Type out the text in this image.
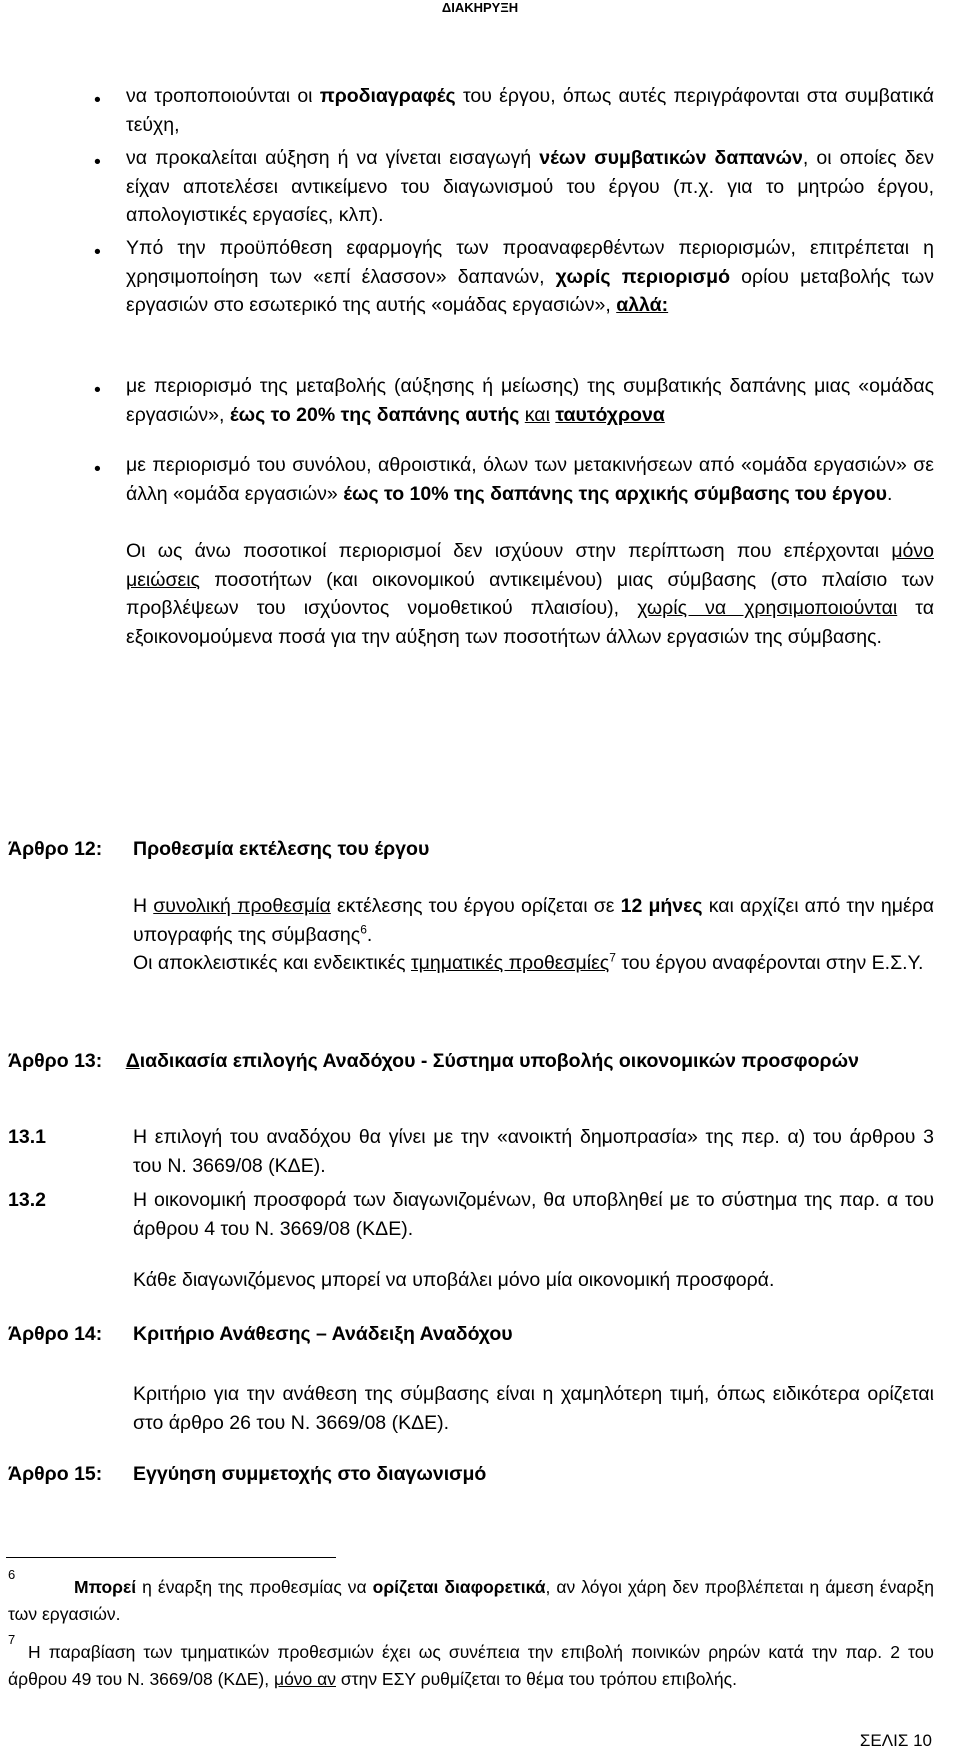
ΔΙΑΚΗΡΥΞΗ
• να τροποποιούνται οι προδιαγραφές του έργου, όπως αυτές περιγράφονται στα συμβατικά τεύχη,

• να προκαλείται αύξηση ή να γίνεται εισαγωγή νέων συμβατικών δαπανών, οι οποίες δεν είχαν αποτελέσει αντικείμενο του διαγωνισμού του έργου (π.χ. για το μητρώο έργου, απολογιστικές εργασίες, κλπ).

• Υπό την προϋπόθεση εφαρμογής των προαναφερθέντων περιορισμών, επιτρέπεται η χρησιμοποίηση των «επί έλασσον» δαπανών, χωρίς περιορισμό ορίου μεταβολής των εργασιών στο εσωτερικό της αυτής «ομάδας εργασιών», αλλά:

• με περιορισμό της μεταβολής (αύξησης ή μείωσης) της συμβατικής δαπάνης μιας «ομάδας εργασιών», έως το 20% της δαπάνης αυτής και ταυτόχρονα

• με περιορισμό του συνόλου, αθροιστικά, όλων των μετακινήσεων από «ομάδα εργασιών» σε άλλη «ομάδα εργασιών» έως το 10% της δαπάνης της αρχικής σύμβασης του έργου.

Οι ως άνω ποσοτικοί περιορισμοί δεν ισχύουν στην περίπτωση που επέρχονται μόνο μειώσεις ποσοτήτων (και οικονομικού αντικειμένου) μιας σύμβασης (στο πλαίσιο των προβλέψεων του ισχύοντος νομοθετικού πλαισίου), χωρίς να χρησιμοποιούνται τα εξοικονομούμενα ποσά για την αύξηση των ποσοτήτων άλλων εργασιών της σύμβασης.

Άρθρο 12: Προθεσμία εκτέλεσης του έργου

Η συνολική προθεσμία εκτέλεσης του έργου ορίζεται σε 12 μήνες και αρχίζει από την ημέρα υπογραφής της σύμβασης$^6$.

Οι αποκλειστικές και ενδεικτικές τμηματικές προθεσμίες$^7$ του έργου αναφέρονται στην Ε.Σ.Υ.

Άρθρο 13: Διαδικασία επιλογής Αναδόχου - Σύστημα υποβολής οικονομικών προσφορών
13.1	Η επιλογή του αναδόχου θα γίνει με την «ανοικτή δημοπρασία» της περ. α) του άρθρου 3 του Ν. 3669/08 (ΚΔΕ).

13.2	Η οικονομική προσφορά των διαγωνιζομένων, θα υποβληθεί με το σύστημα της παρ. α του άρθρου 4 του Ν. 3669/08 (ΚΔΕ).

Κάθε διαγωνιζόμενος μπορεί να υποβάλει μόνο μία οικονομική προσφορά.

Άρθρο 14: Κριτήριο Ανάθεσης – Ανάδειξη Αναδόχου

Κριτήριο για την ανάθεση της σύμβασης είναι η χαμηλότερη τιμή, όπως ειδικότερα ορίζεται στο άρθρο 26 του Ν. 3669/08 (ΚΔΕ).

Άρθρο 15: Εγγύηση συμμετοχής στο διαγωνισμό
6

Μπορεί η έναρξη της προθεσμίας να ορίζεται διαφορετικά, αν λόγοι χάρη δεν προβλέπεται η άμεση έναρξη των εργασιών.

7

Η παραβίαση των τμηματικών προθεσμιών έχει ως συνέπεια την επιβολή ποινικών ρηρών κατά την παρ. 2 του άρθρου 49 του Ν. 3669/08 (ΚΔΕ), μόνο αν στην ΕΣΥ ρυθμίζεται το θέμα του τρόπου επιβολής.

ΣΕΛΙΣ 10
